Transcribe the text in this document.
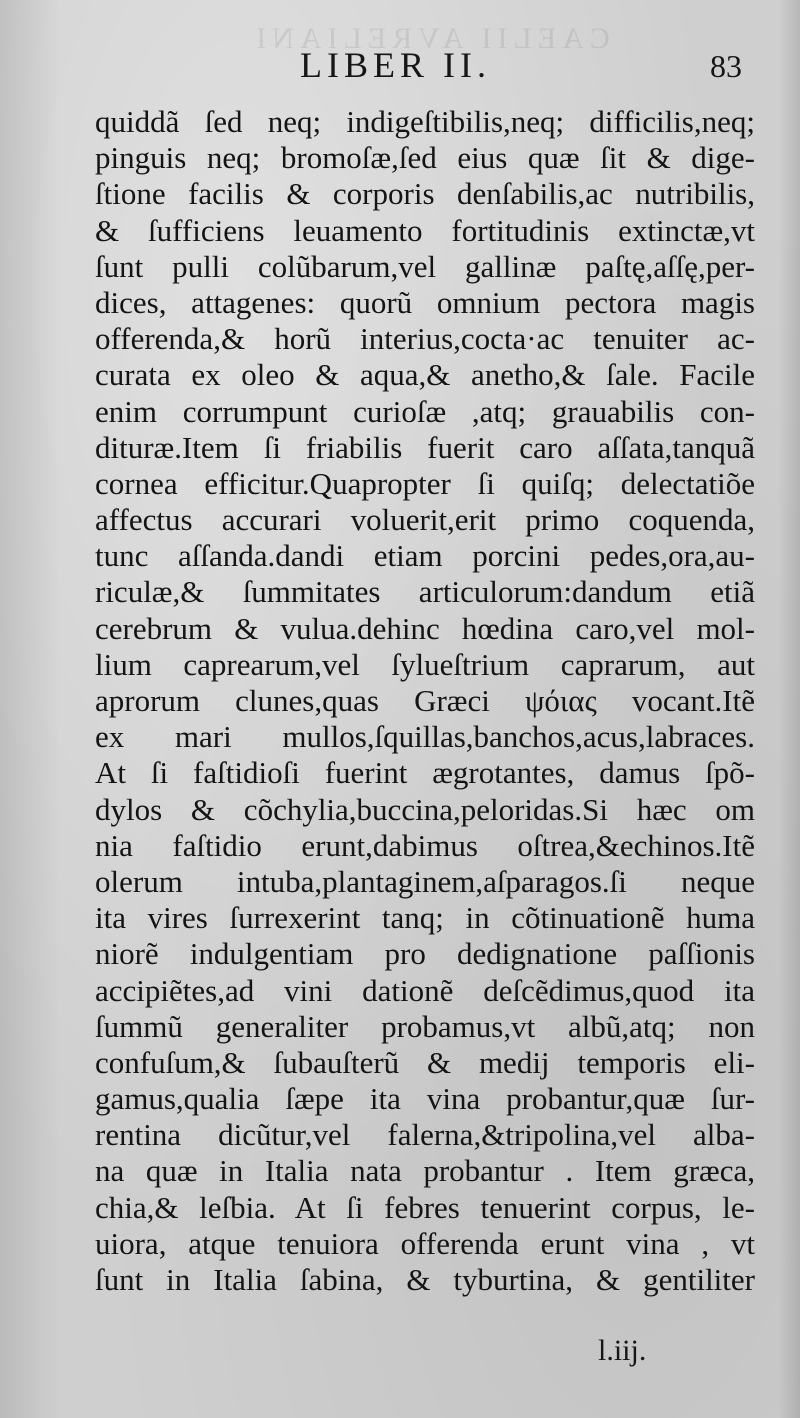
CAELII AVRELIANI
LIBER II.	83
quiddã ſed neq; indigeſtibilis,neq; difficilis,neq;
pinguis neq; bromoſæ,ſed eius quæ ſit & dige-
ſtione facilis & corporis denſabilis,ac nutribilis,
& ſufficiens leuamento fortitudinis extinctæ,vt
ſunt pulli colũbarum,vel gallinæ paſtę,aſſę,per-
dices, attagenes: quorũ omnium pectora magis
offerenda,& horũ interius,cocta·ac tenuiter ac-
curata ex oleo & aqua,& anetho,& ſale. Facile
enim corrumpunt curioſæ ,atq; grauabilis con-
dituræ.Item ſi friabilis fuerit caro aſſata,tanquã
cornea efficitur.Quapropter ſi quiſq; delectatiõe
affectus accurari voluerit,erit primo coquenda,
tunc aſſanda.dandi etiam porcini pedes,ora,au-
riculæ,& ſummitates articulorum:dandum etiã
cerebrum & vulua.dehinc hœdina caro,vel mol-
lium caprearum,vel ſylueſtrium caprarum, aut
aprorum clunes,quas Græci ψόιας vocant.Itẽ
ex mari mullos,ſquillas,banchos,acus,labraces.
At ſi faſtidioſi fuerint ægrotantes, damus ſpõ-
dylos & cõchylia,buccina,peloridas.Si hæc om
nia faſtidio erunt,dabimus oſtrea,&echinos.Itẽ
olerum intuba,plantaginem,aſparagos.ſi neque
ita vires ſurrexerint tanq; in cõtinuationẽ huma
niorẽ indulgentiam pro dedignatione paſſionis
accipiẽtes,ad vini dationẽ deſcẽdimus,quod ita
ſummũ generaliter probamus,vt albũ,atq; non
confuſum,& ſubauſterũ & medij temporis eli-
gamus,qualia ſæpe ita vina probantur,quæ ſur-
rentina dicũtur,vel falerna,&tripolina,vel alba-
na quæ in Italia nata probantur . Item græca,
chia,& leſbia. At ſi febres tenuerint corpus, le-
uiora, atque tenuiora offerenda erunt vina , vt
ſunt in Italia ſabina, & tyburtina, & gentiliter
l.iij.
